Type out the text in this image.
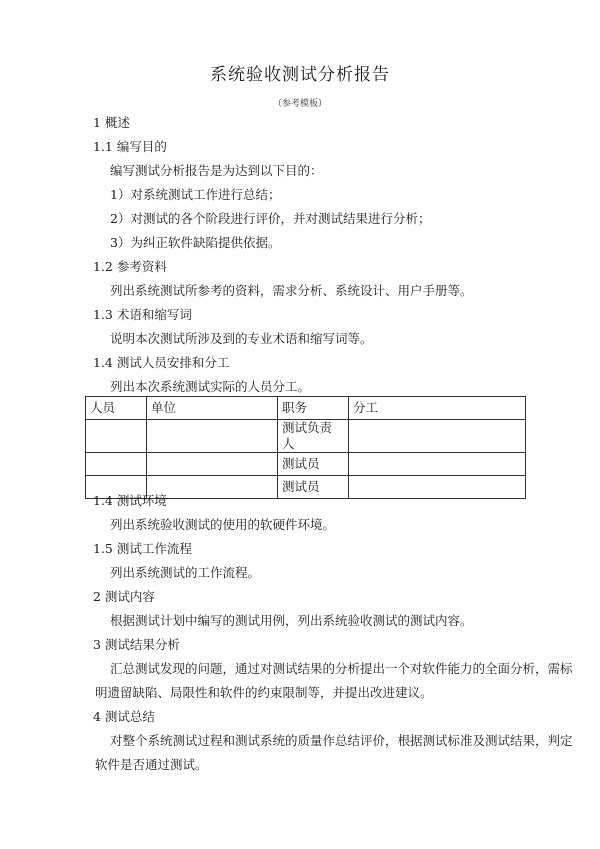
系统验收测试分析报告
（参考模板）
1 概述
1.1 编写目的
编写测试分析报告是为达到以下目的：
1）对系统测试工作进行总结；
2）对测试的各个阶段进行评价，并对测试结果进行分析；
3）为纠正软件缺陷提供依据。
1.2 参考资料
列出系统测试所参考的资料，需求分析、系统设计、用户手册等。
1.3 术语和缩写词
说明本次测试所涉及到的专业术语和缩写词等。
1.4 测试人员安排和分工
列出本次系统测试实际的人员分工。
人员	单位	职务	分工
		测试负责人	
		测试员	
		测试员	
1.4 测试环境
列出系统验收测试的使用的软硬件环境。
1.5 测试工作流程
列出系统测试的工作流程。
2 测试内容
根据测试计划中编写的测试用例，列出系统验收测试的测试内容。
3 测试结果分析
汇总测试发现的问题，通过对测试结果的分析提出一个对软件能力的全面分析，需标
明遗留缺陷、局限性和软件的约束限制等，并提出改进建议。
4 测试总结
对整个系统测试过程和测试系统的质量作总结评价，根据测试标准及测试结果，判定
软件是否通过测试。
